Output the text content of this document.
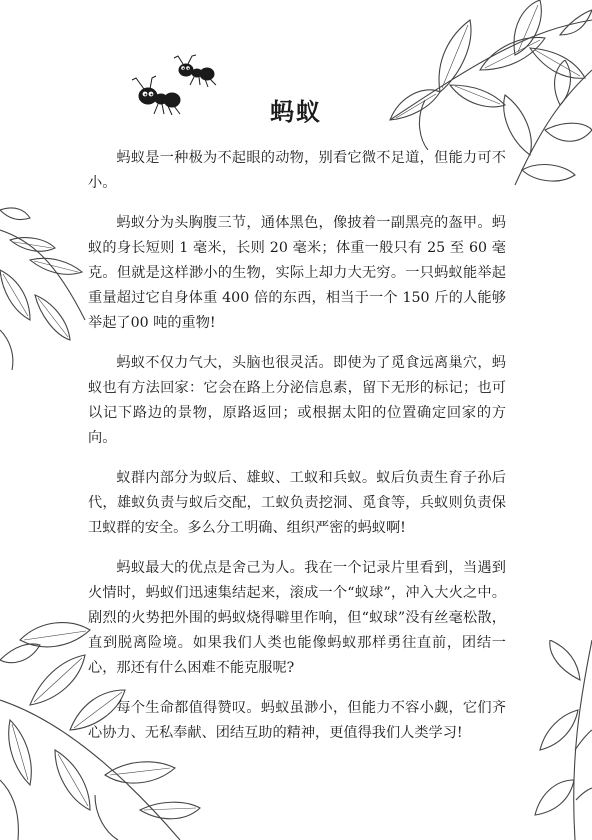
蚂蚁

蚂蚁是一种极为不起眼的动物，别看它微不足道，但能力可不小。

蚂蚁分为头胸腹三节，通体黑色，像披着一副黑亮的盔甲。蚂蚁的身长短则 1 毫米，长则 20 毫米；体重一般只有 25 至 60 毫克。但就是这样渺小的生物，实际上却力大无穷。一只蚂蚁能举起重量超过它自身体重 400 倍的东西，相当于一个 150 斤的人能够举起了00 吨的重物!

蚂蚁不仅力气大，头脑也很灵活。即使为了觅食远离巢穴，蚂蚁也有方法回家：它会在路上分泌信息素，留下无形的标记；也可以记下路边的景物，原路返回；或根据太阳的位置确定回家的方向。

蚁群内部分为蚁后、雄蚁、工蚁和兵蚁。蚁后负责生育子孙后代，雄蚁负责与蚁后交配，工蚁负责挖洞、觅食等，兵蚁则负责保卫蚁群的安全。多么分工明确、组织严密的蚂蚁啊!

蚂蚁最大的优点是舍己为人。我在一个记录片里看到，当遇到火情时，蚂蚁们迅速集结起来，滚成一个“蚁球”，冲入大火之中。剧烈的火势把外围的蚂蚁烧得噼里作响，但“蚁球”没有丝毫松散，直到脱离险境。如果我们人类也能像蚂蚁那样勇往直前，团结一心，那还有什么困难不能克服呢?

每个生命都值得赞叹。蚂蚁虽渺小，但能力不容小觑，它们齐心协力、无私奉献、团结互助的精神，更值得我们人类学习!
